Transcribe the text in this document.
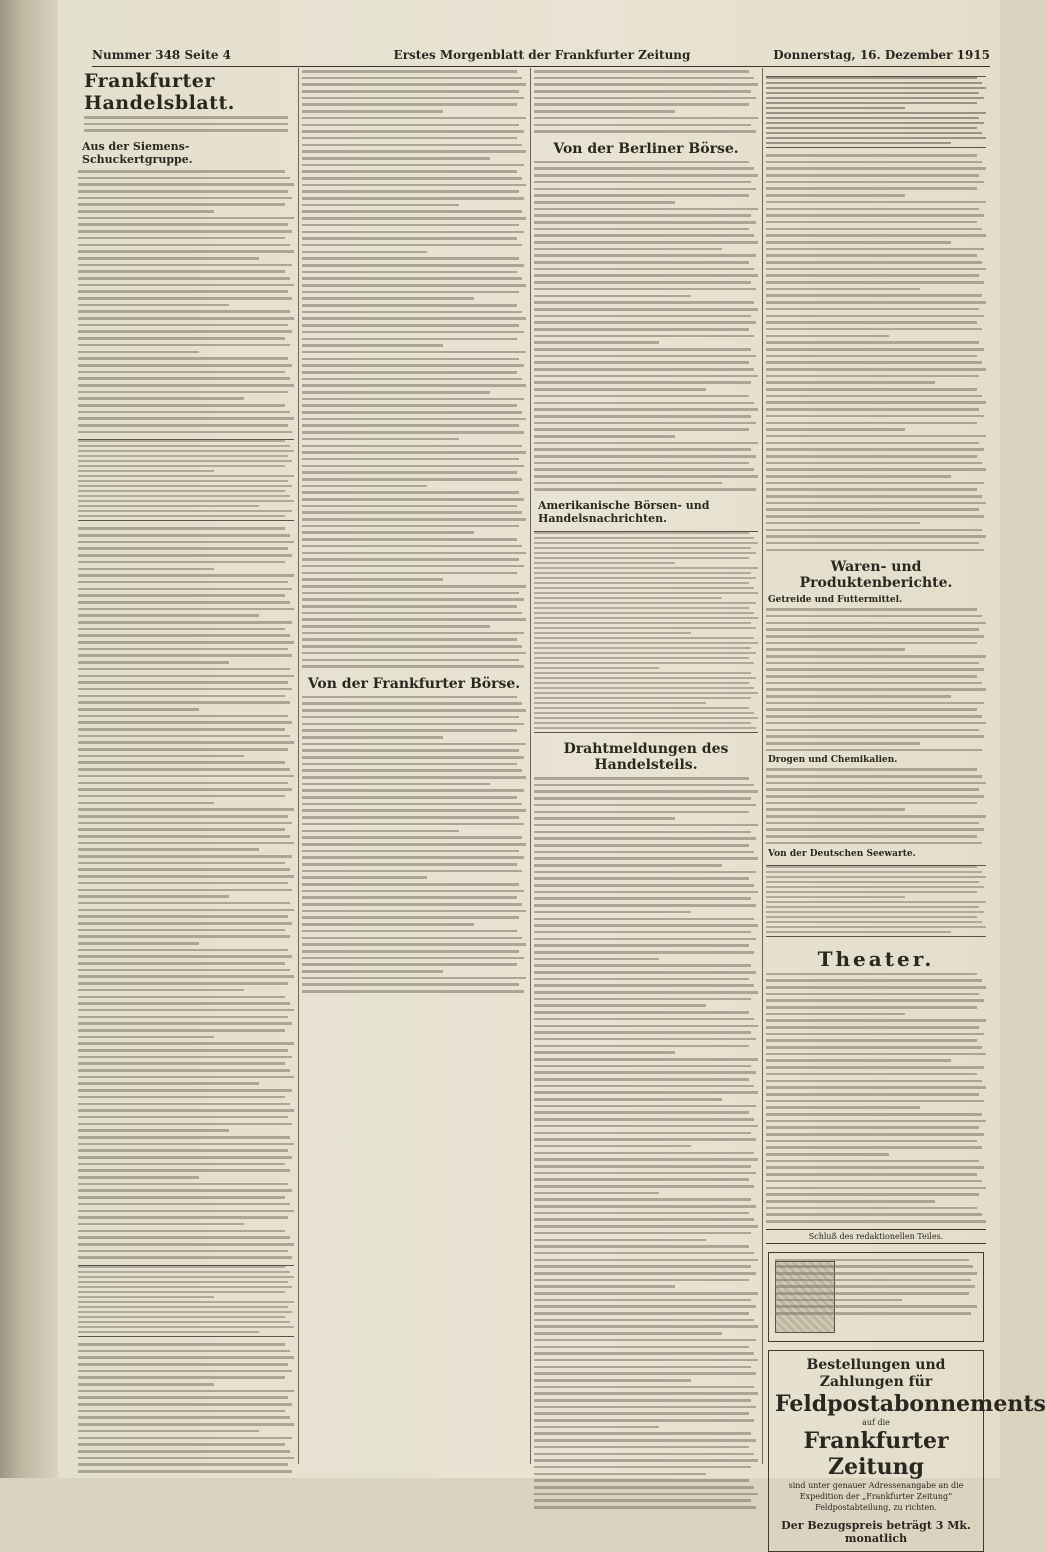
Nummer 348 Seite 4	Erstes Morgenblatt der Frankfurter Zeitung	Donnerstag, 16. Dezember 1915
Frankfurter Handelsblatt.
Aus der Siemens-Schuckertgruppe.
Von der Frankfurter Börse.
Von der Berliner Börse.
Amerikanische Börsen- und Handelsnachrichten.
Drahtmeldungen des Handelsteils.
Waren- und Produktenberichte.
Getreide und Futtermittel.
Drogen und Chemikalien.
Von der Deutschen Seewarte.
Theater.
Schluß des redaktionellen Teiles.
Bestellungen und Zahlungen für
Feldpostabonnements
auf die
Frankfurter Zeitung
sind unter genauer Adressenangabe an die Expedition der „Frankfurter Zeitung“ Feldpostabteilung, zu richten.
Der Bezugspreis beträgt 3 Mk. monatlich
